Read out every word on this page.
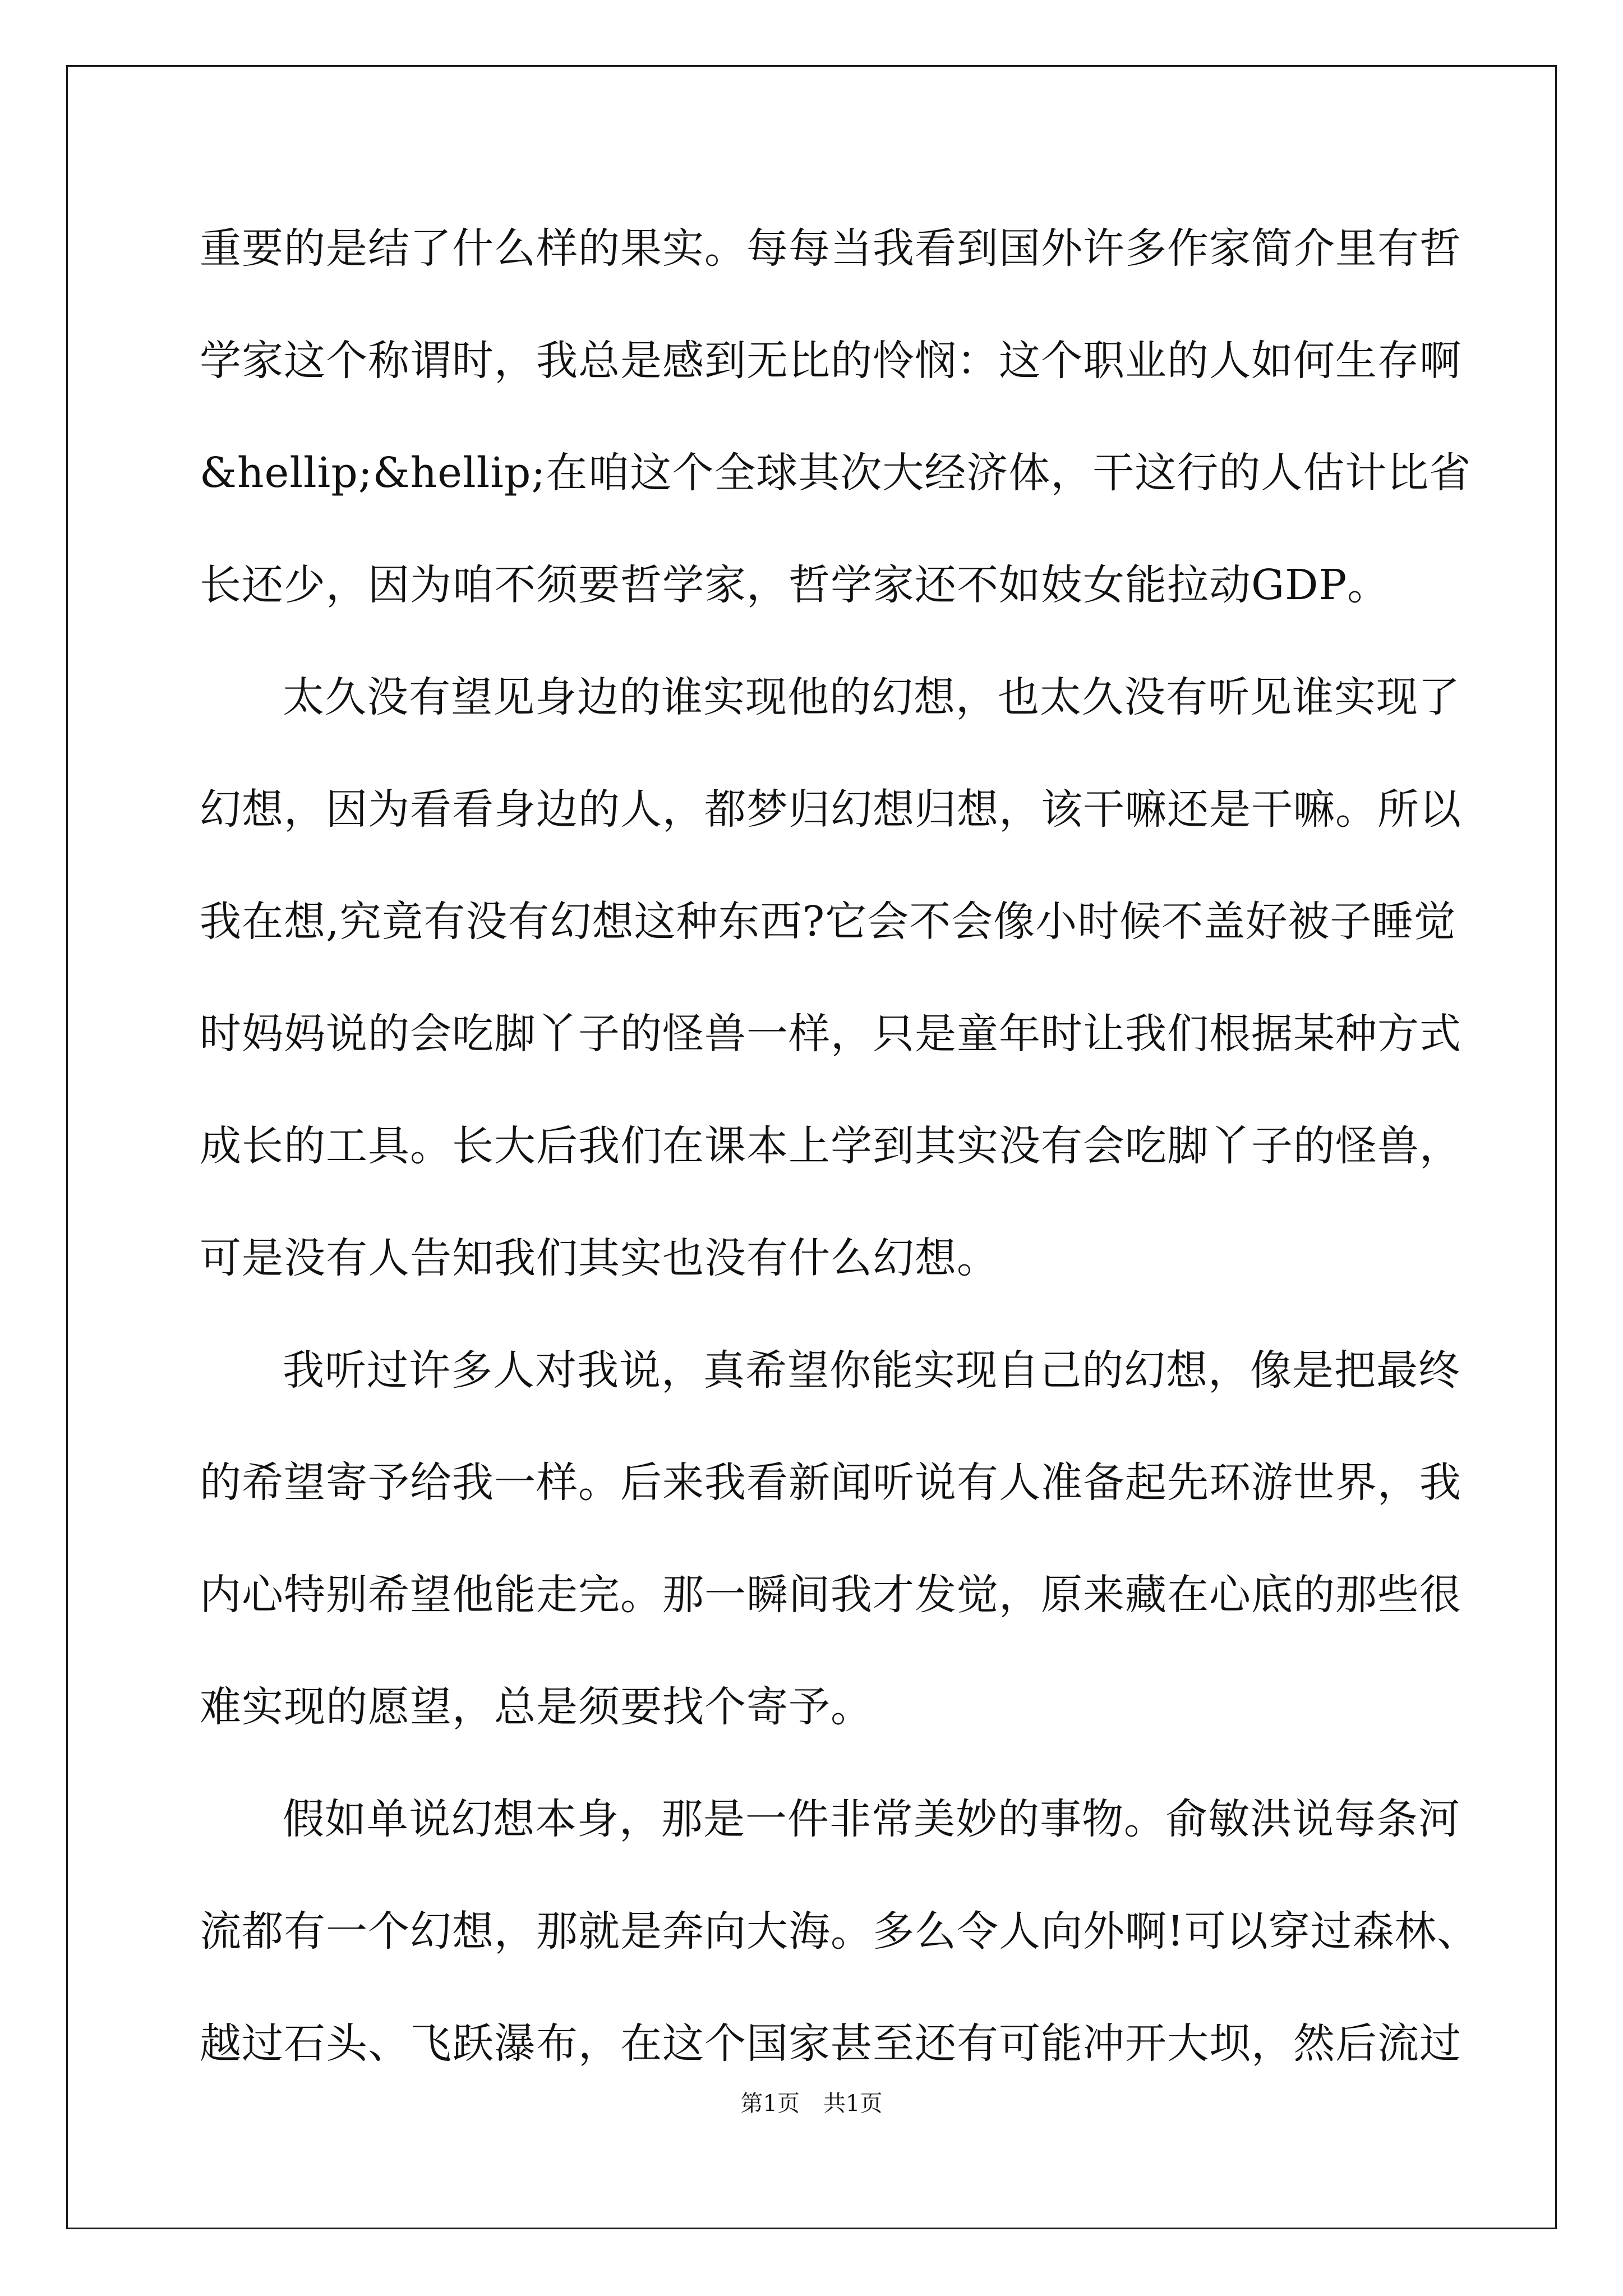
重要的是结了什么样的果实。每每当我看到国外许多作家简介里有哲
学家这个称谓时，我总是感到无比的怜悯：这个职业的人如何生存啊
&hellip;&hellip;在咱这个全球其次大经济体，干这行的人估计比省
长还少，因为咱不须要哲学家，哲学家还不如妓女能拉动GDP。
太久没有望见身边的谁实现他的幻想，也太久没有听见谁实现了
幻想，因为看看身边的人，都梦归幻想归想，该干嘛还是干嘛。所以
我在想,究竟有没有幻想这种东西?它会不会像小时候不盖好被子睡觉
时妈妈说的会吃脚丫子的怪兽一样，只是童年时让我们根据某种方式
成长的工具。长大后我们在课本上学到其实没有会吃脚丫子的怪兽，
可是没有人告知我们其实也没有什么幻想。
我听过许多人对我说，真希望你能实现自己的幻想，像是把最终
的希望寄予给我一样。后来我看新闻听说有人准备起先环游世界，我
内心特别希望他能走完。那一瞬间我才发觉，原来藏在心底的那些很
难实现的愿望，总是须要找个寄予。
假如单说幻想本身，那是一件非常美妙的事物。俞敏洪说每条河
流都有一个幻想，那就是奔向大海。多么令人向外啊!可以穿过森林、
越过石头、飞跃瀑布，在这个国家甚至还有可能冲开大坝，然后流过
第1页 共1页
